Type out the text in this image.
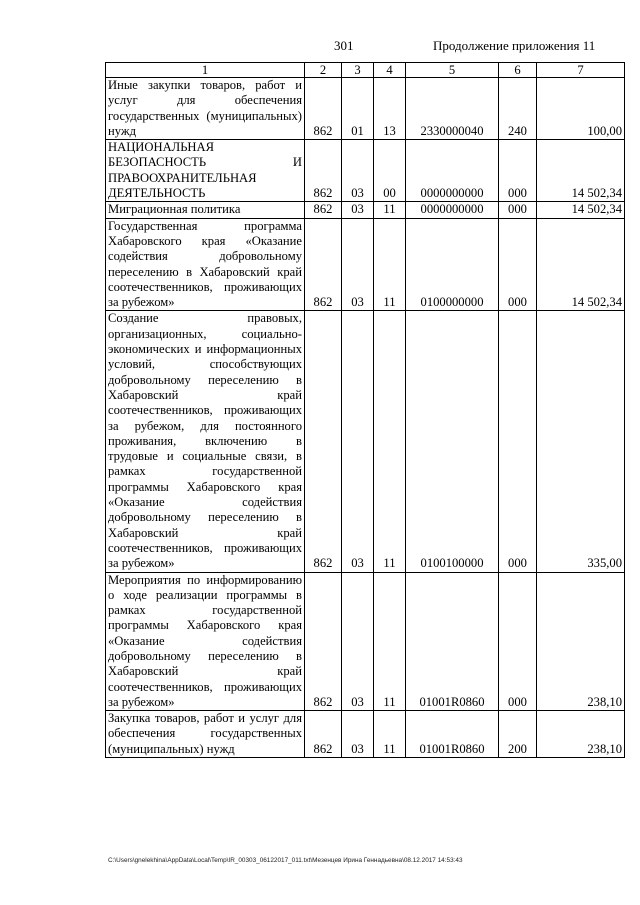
301	Продолжение приложения 11
1	2	3	4	5	6	7
Иные закупки товаров, работ и услуг для обеспечения государственных (муниципальных) нужд	862	01	13	2330000040	240	100,00
НАЦИОНАЛЬНАЯ БЕЗОПАСНОСТЬ И ПРАВООХРАНИТЕЛЬНАЯ ДЕЯТЕЛЬНОСТЬ	862	03	00	0000000000	000	14 502,34
Миграционная политика	862	03	11	0000000000	000	14 502,34
Государственная программа Хабаровского края «Оказание содействия добровольному переселению в Хабаровский край соотечественников, проживающих за рубежом»	862	03	11	0100000000	000	14 502,34
Создание правовых, организационных, социально-экономических и информационных условий, способствующих добровольному переселению в Хабаровский край соотечественников, проживающих за рубежом, для постоянного проживания, включению в трудовые и социальные связи, в рамках государственной программы Хабаровского края «Оказание содействия добровольному переселению в Хабаровский край соотечественников, проживающих за рубежом»	862	03	11	0100100000	000	335,00
Мероприятия по информированию о ходе реализации программы в рамках государственной программы Хабаровского края «Оказание содействия добровольному переселению в Хабаровский край соотечественников, проживающих за рубежом»	862	03	11	01001R0860	000	238,10
Закупка товаров, работ и услуг для обеспечения государственных (муниципальных) нужд	862	03	11	01001R0860	200	238,10
C:\Users\gnelekhina\AppData\Local\Temp\IR_00303_06122017_011.txt\Мезенцев Ирина Геннадьевна\08.12.2017 14:53:43
